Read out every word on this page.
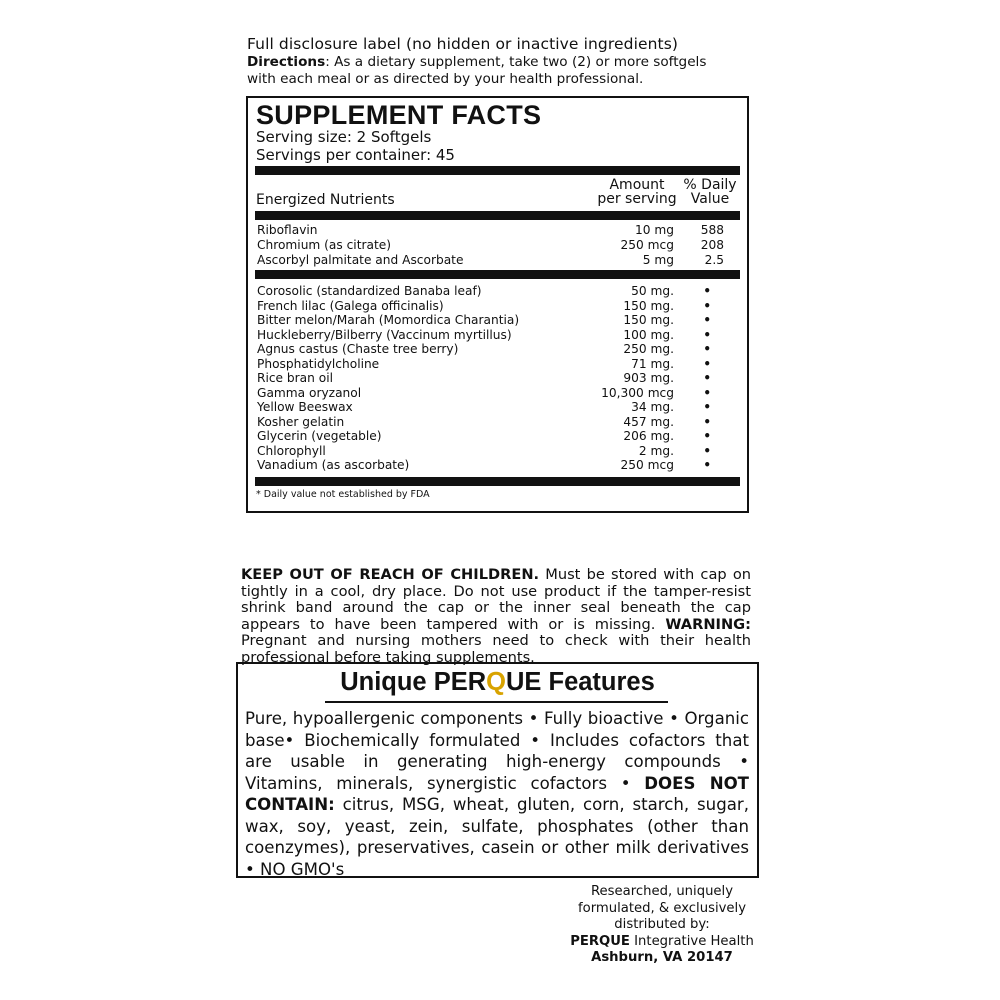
Full disclosure label (no hidden or inactive ingredients)
Directions: As a dietary supplement, take two (2) or more softgels
with each meal or as directed by your health professional.
SUPPLEMENT FACTS
Serving size: 2 Softgels
Servings per container: 45
Energized Nutrients
Amount
per serving
% Daily
Value
Riboflavin	10 mg	588
Chromium (as citrate)	250 mcg	208
Ascorbyl palmitate and Ascorbate	5 mg	2.5
Corosolic (standardized Banaba leaf)	50 mg. •
French lilac (Galega officinalis)	150 mg. •
Bitter melon/Marah (Momordica Charantia)	150 mg. •
Huckleberry/Bilberry (Vaccinum myrtillus)	100 mg. •
Agnus castus (Chaste tree berry)	250 mg. •
Phosphatidylcholine	71 mg. •
Rice bran oil	903 mg. •
Gamma oryzanol	10,300 mcg •
Yellow Beeswax	34 mg. •
Kosher gelatin	457 mg. •
Glycerin (vegetable)	206 mg. •
Chlorophyll	2 mg. •
Vanadium (as ascorbate)	250 mcg •
* Daily value not established by FDA
KEEP OUT OF REACH OF CHILDREN. Must be stored with cap on tightly in a cool, dry place. Do not use product if the tamper-resist shrink band around the cap or the inner seal beneath the cap appears to have been tampered with or is missing. WARNING: Pregnant and nursing mothers need to check with their health professional before taking supplements.
Unique PERQUE Features
Pure, hypoallergenic components • Fully bioactive • Organic base• Biochemically formulated • Includes cofactors that are usable in generating high-energy compounds • Vitamins, minerals, synergistic cofactors • DOES NOT CONTAIN: citrus, MSG, wheat, gluten, corn, starch, sugar, wax, soy, yeast, zein, sulfate, phosphates (other than coenzymes), preservatives, casein or other milk derivatives • NO GMO's
Researched, uniquely
formulated, & exclusively
distributed by:
PERQUE Integrative Health
Ashburn, VA 20147
